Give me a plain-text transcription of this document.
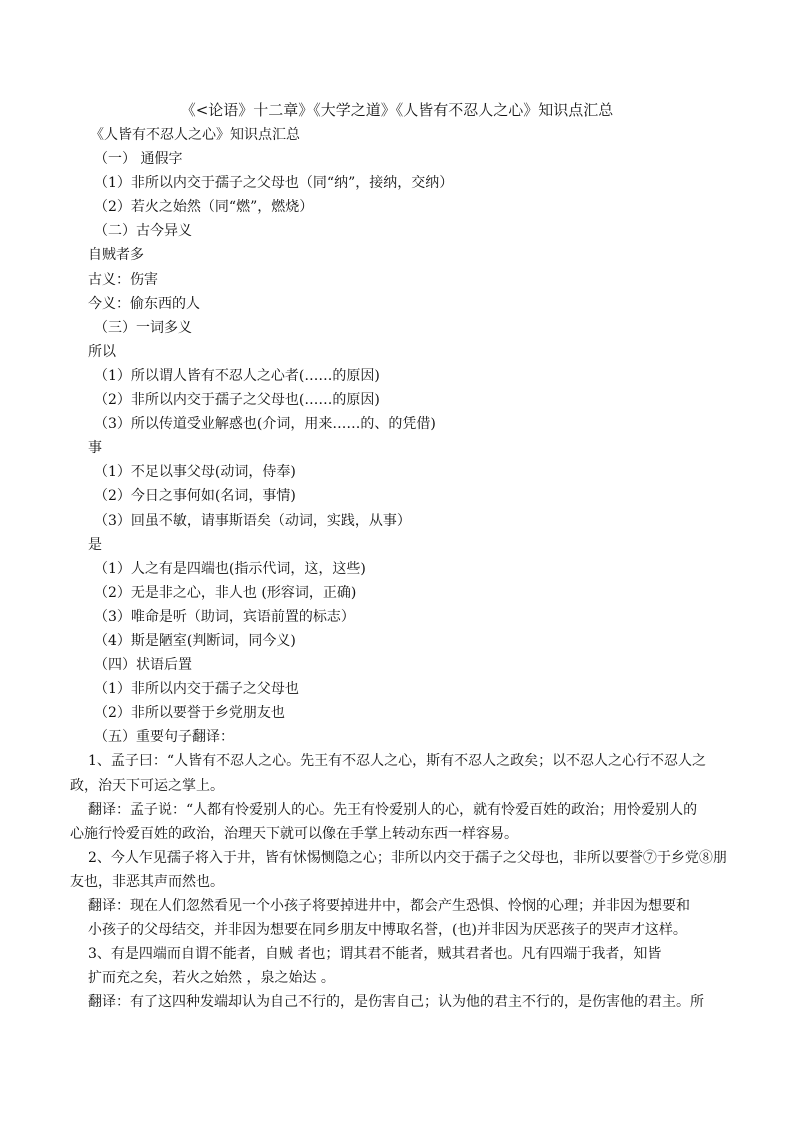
《<论语》十二章》《大学之道》《人皆有不忍人之心》知识点汇总
《人皆有不忍人之心》知识点汇总
（一） 通假字
（1）非所以内交于孺子之父母也（同“纳”，接纳，交纳）
（2）若火之始然（同“燃”，燃烧）
（二）古今异义
自贼者多
古义：伤害
今义：偷东西的人
（三）一词多义
所以
（1）所以谓人皆有不忍人之心者(……的原因)
（2）非所以内交于孺子之父母也(……的原因)
（3）所以传道受业解惑也(介词，用来……的、的凭借)
事
（1）不足以事父母(动词，侍奉)
（2）今日之事何如(名词，事情)
（3）回虽不敏，请事斯语矣（动词，实践，从事）
是
（1）人之有是四端也(指示代词，这，这些)
（2）无是非之心，非人也 (形容词，正确)
（3）唯命是听（助词，宾语前置的标志）
（4）斯是陋室(判断词，同今义)
（四）状语后置
（1）非所以内交于孺子之父母也
（2）非所以要誉于乡党朋友也
（五）重要句子翻译：
1、孟子曰：“人皆有不忍人之心。先王有不忍人之心，斯有不忍人之政矣；以不忍人之心行不忍人之
政，治天下可运之掌上。
翻译：孟子说：“人都有怜爱别人的心。先王有怜爱别人的心，就有怜爱百姓的政治；用怜爱别人的
心施行怜爱百姓的政治，治理天下就可以像在手掌上转动东西一样容易。
2、今人乍见孺子将入于井，皆有怵惕恻隐之心；非所以内交于孺子之父母也，非所以要誉⑦于乡党⑧朋
友也，非恶其声而然也。
翻译：现在人们忽然看见一个小孩子将要掉进井中，都会产生恐惧、怜悯的心理；并非因为想要和
小孩子的父母结交，并非因为想要在同乡朋友中博取名誉，(也)并非因为厌恶孩子的哭声才这样。
3、有是四端而自谓不能者，自贼 者也；谓其君不能者，贼其君者也。凡有四端于我者，知皆
扩而充之矣，若火之始然 ，泉之始达 。
翻译：有了这四种发端却认为自己不行的，是伤害自己；认为他的君主不行的，是伤害他的君主。所
